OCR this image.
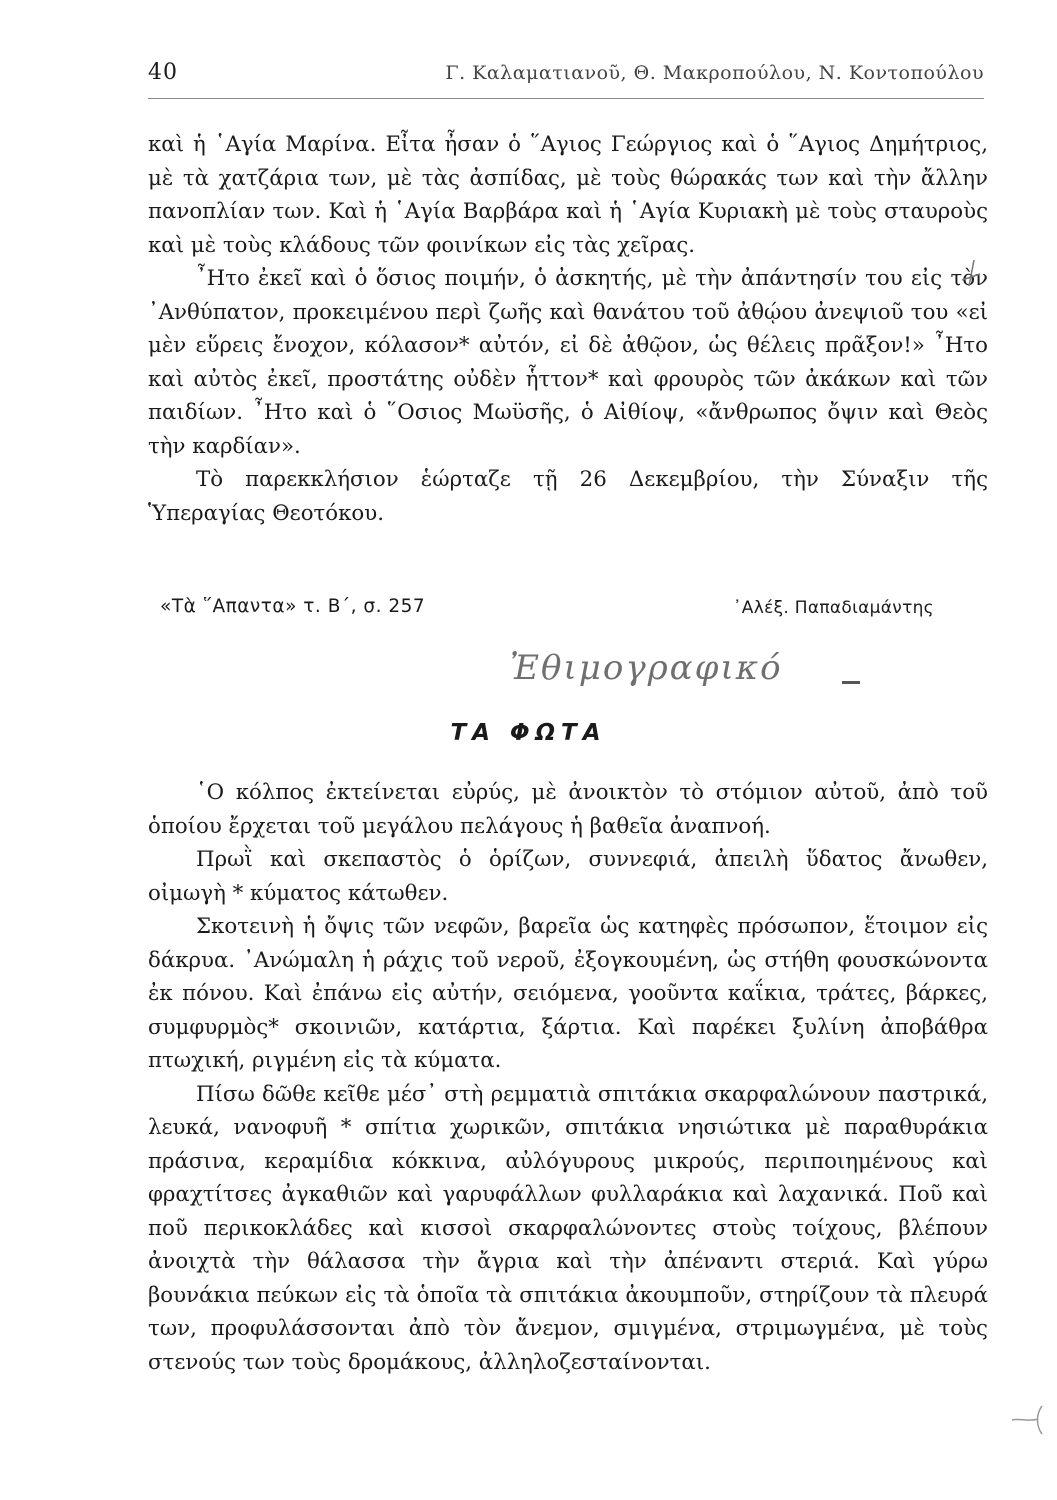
40	Γ. Καλαματιανοῦ, Θ. Μακροπούλου, Ν. Κοντοπούλου

καὶ ἡ ῾Αγία Μαρίνα. Εἶτα ἦσαν ὁ ῞Αγιος Γεώργιος καὶ ὁ ῞Αγιος Δημήτριος, μὲ τὰ χατζάρια των, μὲ τὰς ἀσπίδας, μὲ τοὺς θώρακάς των καὶ τὴν ἄλλην πανοπλίαν των. Καὶ ἡ ῾Αγία Βαρβάρα καὶ ἡ ῾Αγία Κυριακὴ μὲ τοὺς σταυροὺς καὶ μὲ τοὺς κλάδους τῶν φοινίκων εἰς τὰς χεῖρας.

῏Ητο ἐκεῖ καὶ ὁ ὅσιος ποιμήν, ὁ ἀσκητής, μὲ τὴν ἀπάντησίν του εἰς τὸν ᾿Ανθύπατον, προκειμένου περὶ ζωῆς καὶ θανάτου τοῦ ἀθῴου ἀνεψιοῦ του «εἰ μὲν εὕρεις ἔνοχον, κόλασον* αὐτόν, εἰ δὲ ἀθῷον, ὡς θέλεις πρᾶξον!» ῏Ητο καὶ αὐτὸς ἐκεῖ, προστάτης οὐδὲν ἧττον* καὶ φρουρὸς τῶν ἀκάκων καὶ τῶν παιδίων. ῏Ητο καὶ ὁ ῞Οσιος Μωϋσῆς, ὁ Αἰθίοψ, «ἄνθρωπος ὄψιν καὶ Θεὸς τὴν καρδίαν».

Τὸ παρεκκλήσιον ἑώρταζε τῇ 26 Δεκεμβρίου, τὴν Σύναξιν τῆς Ὑπεραγίας Θεοτόκου.

«Τὰ ῞Απαντα» τ. Β΄, σ. 257	᾿Αλέξ. Παπαδιαμάντης
Ἐθιμογραφικό
ΤΑ ΦΩΤΑ

῾Ο κόλπος ἐκτείνεται εὐρύς, μὲ ἀνοικτὸν τὸ στόμιον αὐτοῦ, ἀπὸ τοῦ ὁποίου ἔρχεται τοῦ μεγάλου πελάγους ἡ βαθεῖα ἀναπνοή.

Πρωῒ καὶ σκεπαστὸς ὁ ὁρίζων, συννεφιά, ἀπειλὴ ὕδατος ἄνωθεν, οἰμωγὴ * κύματος κάτωθεν.

Σκοτεινὴ ἡ ὄψις τῶν νεφῶν, βαρεῖα ὡς κατηφὲς πρόσωπον, ἕτοιμον εἰς δάκρυα. ᾿Ανώμαλη ἡ ράχις τοῦ νεροῦ, ἐξογκουμένη, ὡς στήθη φουσκώνοντα ἐκ πόνου. Καὶ ἐπάνω εἰς αὐτήν, σειόμενα, γοοῦντα καΐκια, τράτες, βάρκες, συμφυρμὸς* σκοινιῶν, κατάρτια, ξάρτια. Καὶ παρέκει ξυλίνη ἀποβάθρα πτωχική, ριγμένη εἰς τὰ κύματα.

Πίσω δῶθε κεῖθε μέσ᾿ στὴ ρεμματιὰ σπιτάκια σκαρφαλώνουν παστρικά, λευκά, νανοφυῆ * σπίτια χωρικῶν, σπιτάκια νησιώτικα μὲ παραθυράκια πράσινα, κεραμίδια κόκκινα, αὐλόγυρους μικρούς, περιποιημένους καὶ φραχτίτσες ἀγκαθιῶν καὶ γαρυφάλλων φυλλαράκια καὶ λαχανικά. Ποῦ καὶ ποῦ περικοκλάδες καὶ κισσοὶ σκαρφαλώνοντες στοὺς τοίχους, βλέπουν ἀνοιχτὰ τὴν θάλασσα τὴν ἄγρια καὶ τὴν ἀπέναντι στεριά. Καὶ γύρω βουνάκια πεύκων εἰς τὰ ὁποῖα τὰ σπιτάκια ἀκουμποῦν, στηρίζουν τὰ πλευρά των, προφυλάσσονται ἀπὸ τὸν ἄνεμον, σμιγμένα, στριμωγμένα, μὲ τοὺς στενούς των τοὺς δρομάκους, ἀλληλοζεσταίνονται.
